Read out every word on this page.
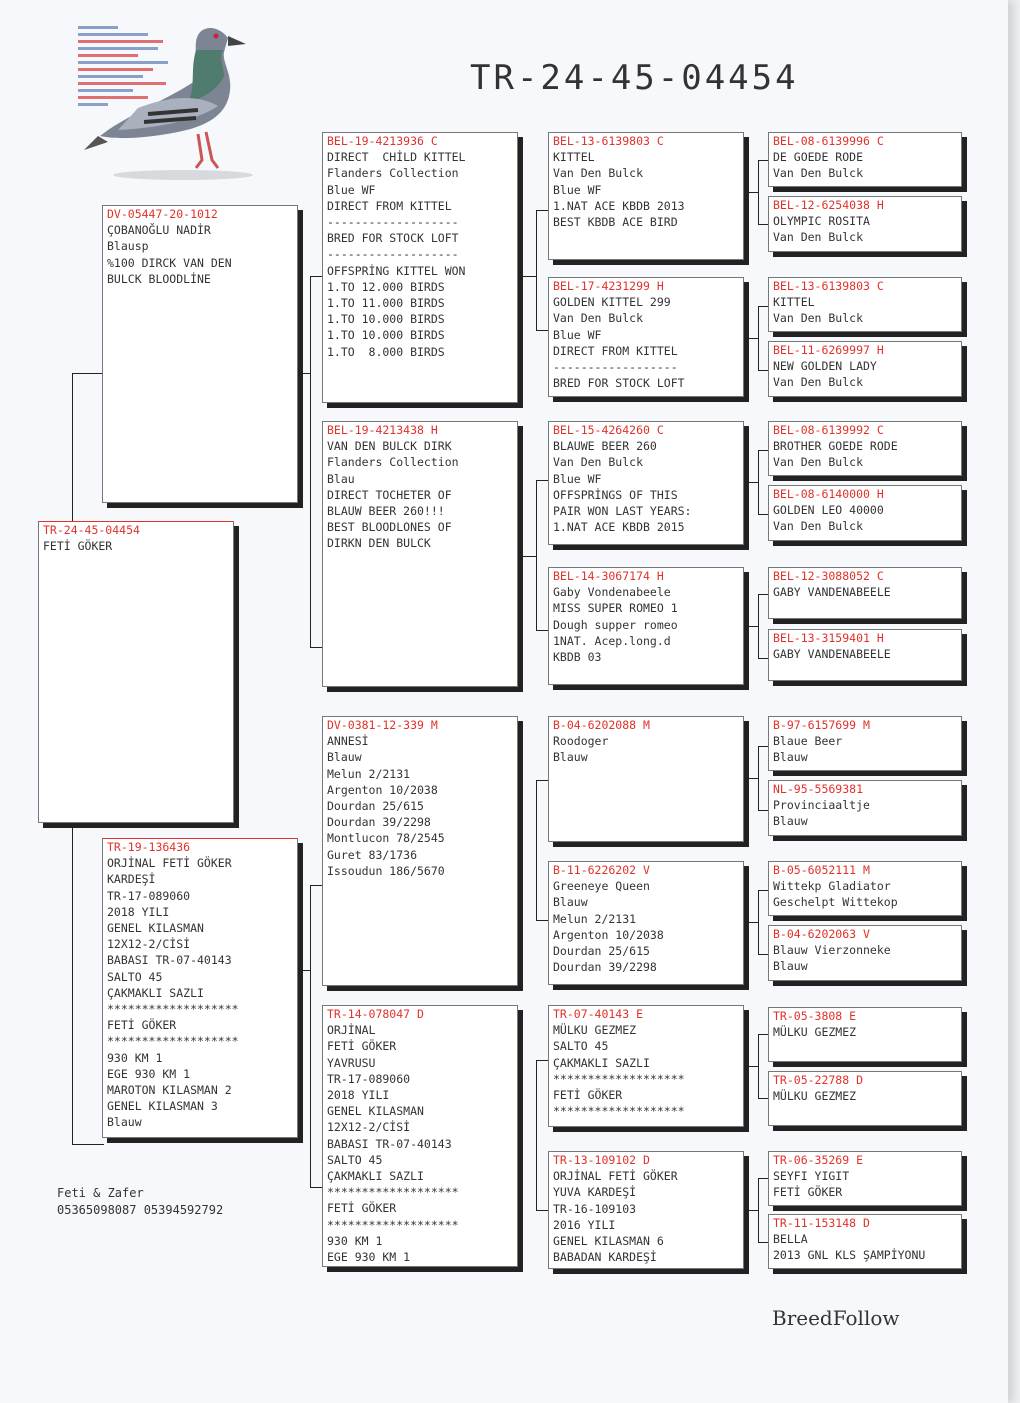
TR-24-45-04454
TR-24-45-04454
FETİ GÖKER
DV-05447-20-1012
ÇOBANOĞLU NADİR
Blausp
%100 DIRCK VAN DEN
BULCK BLOODLİNE
TR-19-136436
ORJİNAL FETİ GÖKER
KARDEŞİ
TR-17-089060
2018 YILI
GENEL KILASMAN
12X12-2/CİSİ
BABASI TR-07-40143
SALTO 45
ÇAKMAKLI SAZLI
*******************
FETİ GÖKER
*******************
930 KM 1
EGE 930 KM 1
MAROTON KILASMAN 2
GENEL KILASMAN 3
Blauw
BEL-19-4213936 C
DIRECT  CHİLD KITTEL
Flanders Collection
Blue WF
DIRECT FROM KITTEL
-------------------
BRED FOR STOCK LOFT
-------------------
OFFSPRİNG KITTEL WON
1.TO 12.000 BIRDS
1.TO 11.000 BIRDS
1.TO 10.000 BIRDS
1.TO 10.000 BIRDS
1.TO  8.000 BIRDS
BEL-19-4213438 H
VAN DEN BULCK DIRK
Flanders Collection
Blau
DIRECT TOCHETER OF
BLAUW BEER 260!!!
BEST BLOODLONES OF
DIRKN DEN BULCK
DV-0381-12-339 M
ANNESİ
Blauw
Melun 2/2131
Argenton 10/2038
Dourdan 25/615
Dourdan 39/2298
Montlucon 78/2545
Guret 83/1736
Issoudun 186/5670
TR-14-078047 D
ORJİNAL
FETİ GÖKER
YAVRUSU
TR-17-089060
2018 YILI
GENEL KILASMAN
12X12-2/CİSİ
BABASI TR-07-40143
SALTO 45
ÇAKMAKLI SAZLI
*******************
FETİ GÖKER
*******************
930 KM 1
EGE 930 KM 1
BEL-13-6139803 C
KITTEL
Van Den Bulck
Blue WF
1.NAT ACE KBDB 2013
BEST KBDB ACE BIRD
BEL-17-4231299 H
GOLDEN KITTEL 299
Van Den Bulck
Blue WF
DIRECT FROM KITTEL
------------------
BRED FOR STOCK LOFT
BEL-15-4264260 C
BLAUWE BEER 260
Van Den Bulck
Blue WF
OFFSPRİNGS OF THIS
PAIR WON LAST YEARS:
1.NAT ACE KBDB 2015
BEL-14-3067174 H
Gaby Vondenabeele
MISS SUPER ROMEO 1
Dough supper romeo
1NAT. Acep.long.d
KBDB 03
B-04-6202088 M
Roodoger
Blauw
B-11-6226202 V
Greeneye Queen
Blauw
Melun 2/2131
Argenton 10/2038
Dourdan 25/615
Dourdan 39/2298
TR-07-40143 E
MÜLKU GEZMEZ
SALTO 45
ÇAKMAKLI SAZLI
*******************
FETİ GÖKER
*******************
TR-13-109102 D
ORJİNAL FETİ GÖKER
YUVA KARDEŞİ
TR-16-109103
2016 YILI
GENEL KILASMAN 6
BABADAN KARDEŞİ
BEL-08-6139996 C
DE GOEDE RODE
Van Den Bulck
BEL-12-6254038 H
OLYMPIC ROSITA
Van Den Bulck
BEL-13-6139803 C
KITTEL
Van Den Bulck
BEL-11-6269997 H
NEW GOLDEN LADY
Van Den Bulck
BEL-08-6139992 C
BROTHER GOEDE RODE
Van Den Bulck
BEL-08-6140000 H
GOLDEN LEO 40000
Van Den Bulck
BEL-12-3088052 C
GABY VANDENABEELE
BEL-13-3159401 H
GABY VANDENABEELE
B-97-6157699 M
Blaue Beer
Blauw
NL-95-5569381
Provinciaaltje
Blauw
B-05-6052111 M
Wittekp Gladiator
Geschelpt Wittekop
B-04-6202063 V
Blauw Vierzonneke
Blauw
TR-05-3808 E
MÜLKU GEZMEZ
TR-05-22788 D
MÜLKU GEZMEZ
TR-06-35269 E
SEYFI YIGIT
FETİ GÖKER
TR-11-153148 D
BELLA
2013 GNL KLS ŞAMPİYONU
Feti & Zafer
05365098087 05394592792
BreedFollow
